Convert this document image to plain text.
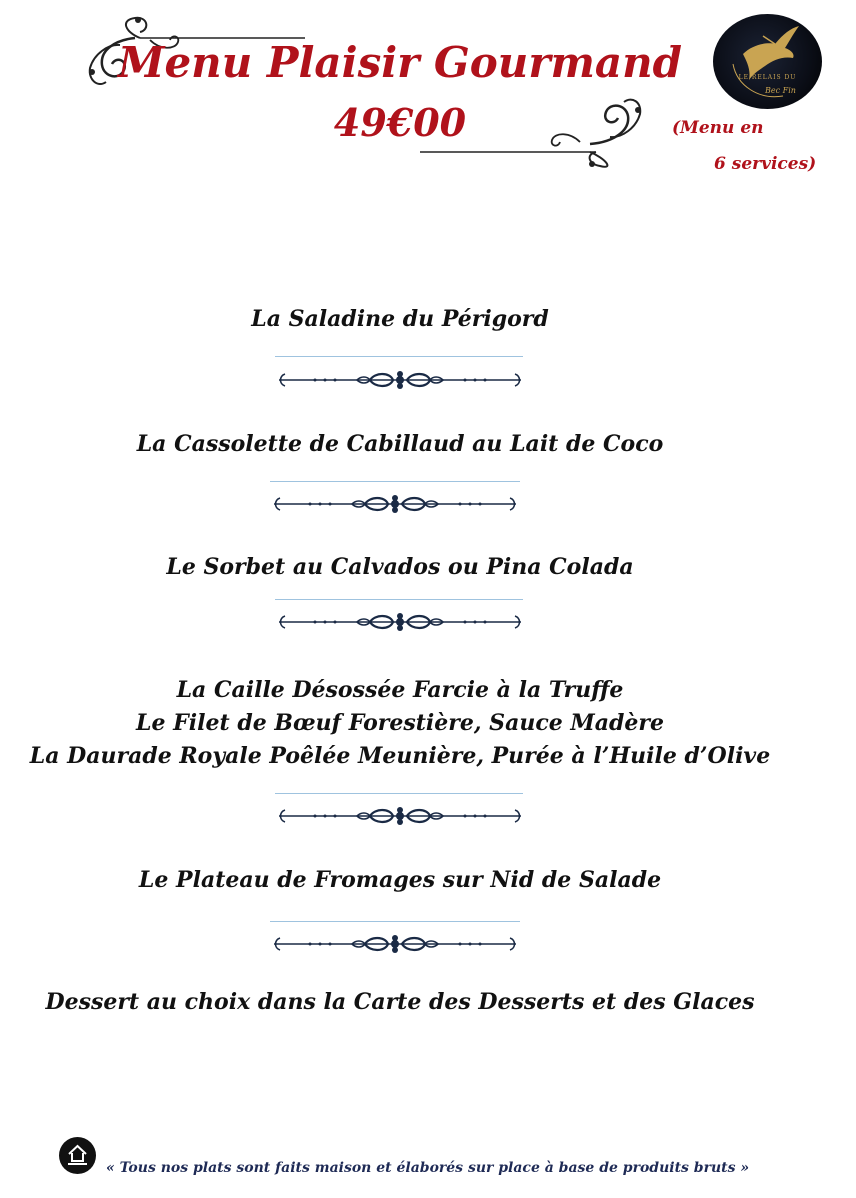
Menu Plaisir Gourmand
49€00	(Menu en
6 services)
LE RELAIS DU
Bec Fin
La Saladine du Périgord
La Cassolette de Cabillaud au Lait de Coco
Le Sorbet au Calvados ou Pina Colada
La Caille Désossée Farcie à la Truffe
Le Filet de Bœuf Forestière, Sauce Madère
La Daurade Royale Poêlée Meunière, Purée à l’Huile d’Olive
Le Plateau de Fromages sur Nid de Salade
Dessert au choix dans la Carte des Desserts et des Glaces
« Tous nos plats sont faits maison et élaborés sur place à base de produits bruts »
